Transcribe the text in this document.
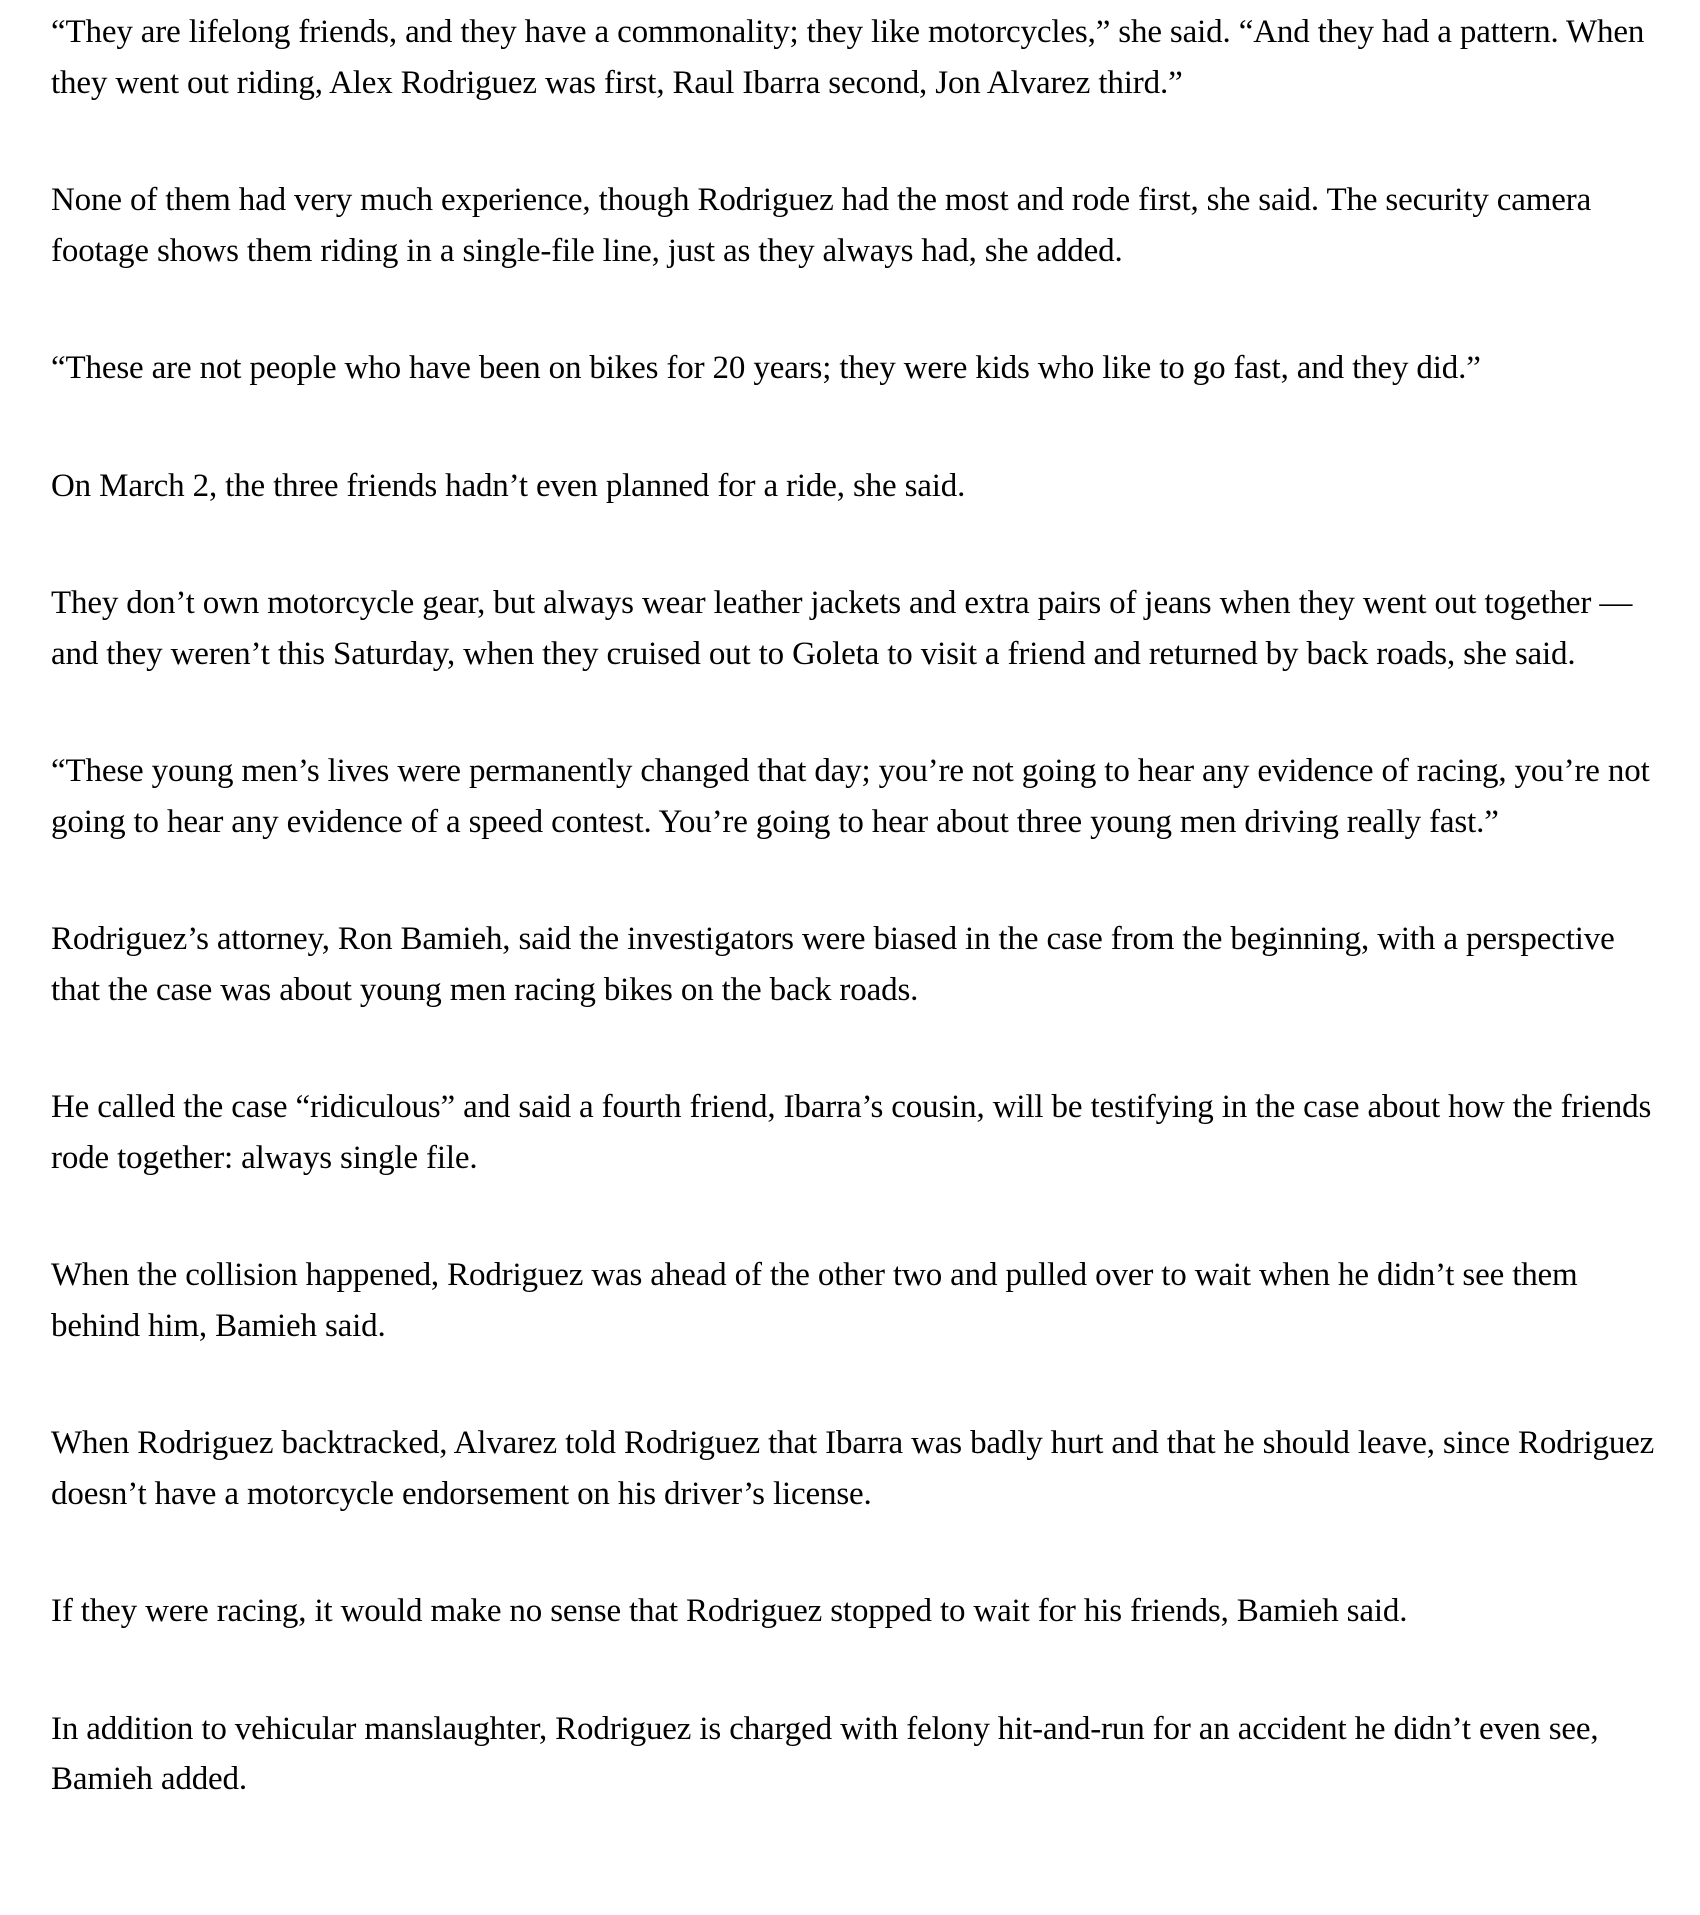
“They are lifelong friends, and they have a commonality; they like motorcycles,” she said. “And they had a pattern. When they went out riding, Alex Rodriguez was first, Raul Ibarra second, Jon Alvarez third.”

None of them had very much experience, though Rodriguez had the most and rode first, she said. The security camera footage shows them riding in a single-file line, just as they always had, she added.

“These are not people who have been on bikes for 20 years; they were kids who like to go fast, and they did.”

On March 2, the three friends hadn’t even planned for a ride, she said.

They don’t own motorcycle gear, but always wear leather jackets and extra pairs of jeans when they went out together — and they weren’t this Saturday, when they cruised out to Goleta to visit a friend and returned by back roads, she said.

“These young men’s lives were permanently changed that day; you’re not going to hear any evidence of racing, you’re not going to hear any evidence of a speed contest. You’re going to hear about three young men driving really fast.”

Rodriguez’s attorney, Ron Bamieh, said the investigators were biased in the case from the beginning, with a perspective that the case was about young men racing bikes on the back roads.

He called the case “ridiculous” and said a fourth friend, Ibarra’s cousin, will be testifying in the case about how the friends rode together: always single file.

When the collision happened, Rodriguez was ahead of the other two and pulled over to wait when he didn’t see them behind him, Bamieh said.

When Rodriguez backtracked, Alvarez told Rodriguez that Ibarra was badly hurt and that he should leave, since Rodriguez doesn’t have a motorcycle endorsement on his driver’s license.

If they were racing, it would make no sense that Rodriguez stopped to wait for his friends, Bamieh said.

In addition to vehicular manslaughter, Rodriguez is charged with felony hit-and-run for an accident he didn’t even see, Bamieh added.
